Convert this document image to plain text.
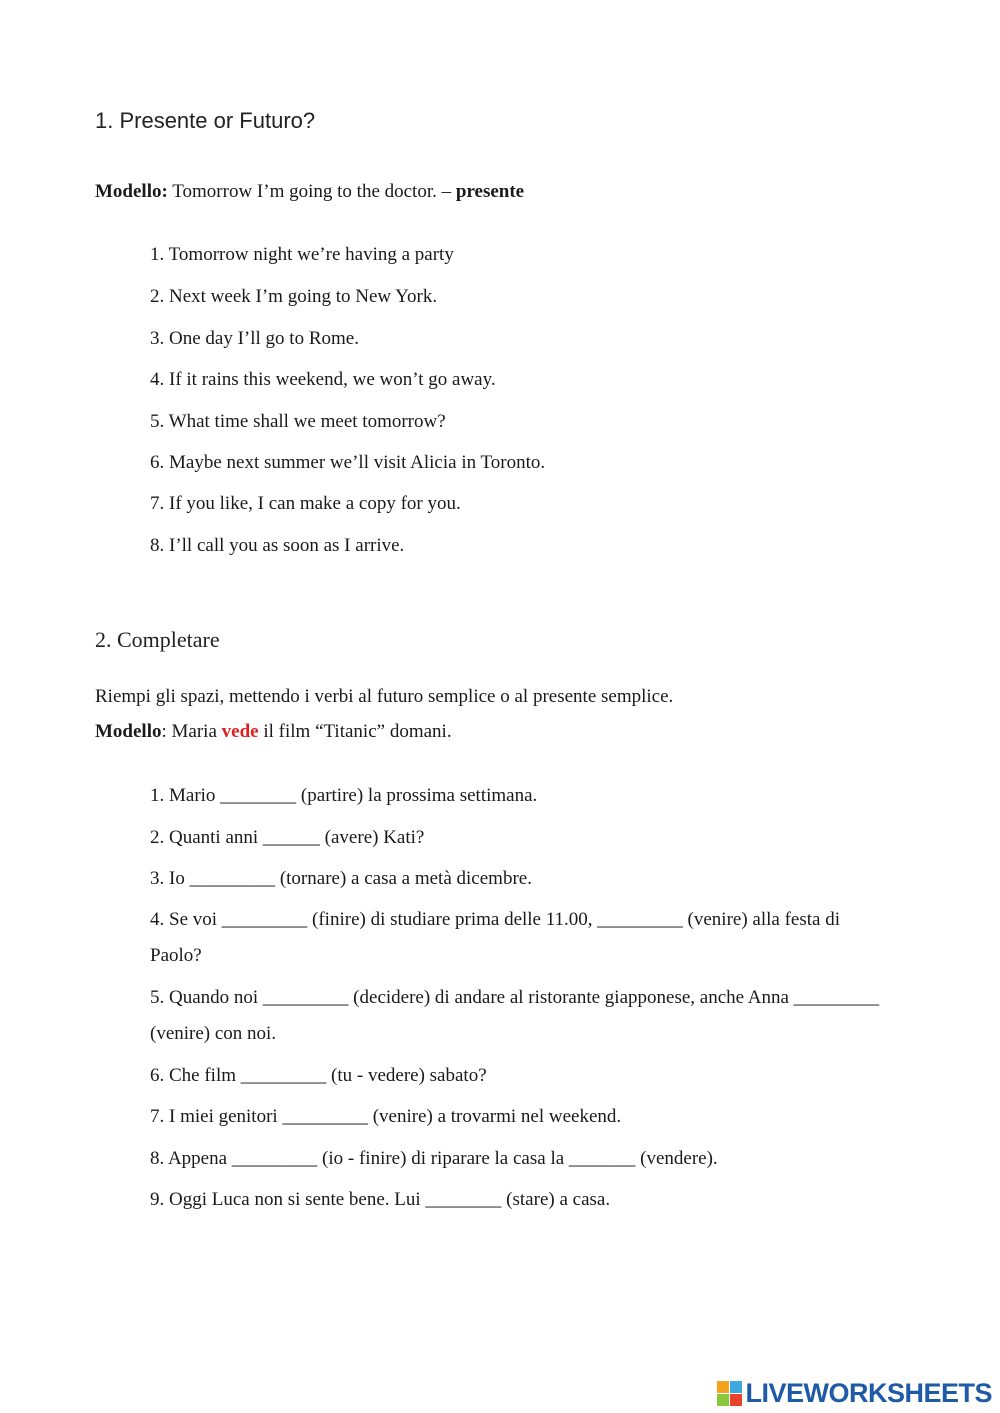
1. Presente or Futuro?
Modello: Tomorrow I’m going to the doctor. – presente
1. Tomorrow night we’re having a party
2. Next week I’m going to New York.
3. One day I’ll go to Rome.
4. If it rains this weekend, we won’t go away.
5. What time shall we meet tomorrow?
6. Maybe next summer we’ll visit Alicia in Toronto.
7. If you like, I can make a copy for you.
8. I’ll call you as soon as I arrive.
2. Completare
Riempi gli spazi, mettendo i verbi al futuro semplice o al presente semplice.
Modello: Maria vede il film “Titanic” domani.
1. Mario ________ (partire) la prossima settimana.
2. Quanti anni ______ (avere) Kati?
3. Io _________ (tornare) a casa a metà dicembre.
4. Se voi _________ (finire) di studiare prima delle 11.00, _________ (venire) alla festa di Paolo?
5. Quando noi _________ (decidere) di andare al ristorante giapponese, anche Anna _________ (venire) con noi.
6. Che film _________ (tu - vedere) sabato?
7. I miei genitori _________ (venire) a trovarmi nel weekend.
8. Appena _________ (io - finire) di riparare la casa la _______ (vendere).
9. Oggi Luca non si sente bene. Lui ________ (stare) a casa.
LIVEWORKSHEETS
